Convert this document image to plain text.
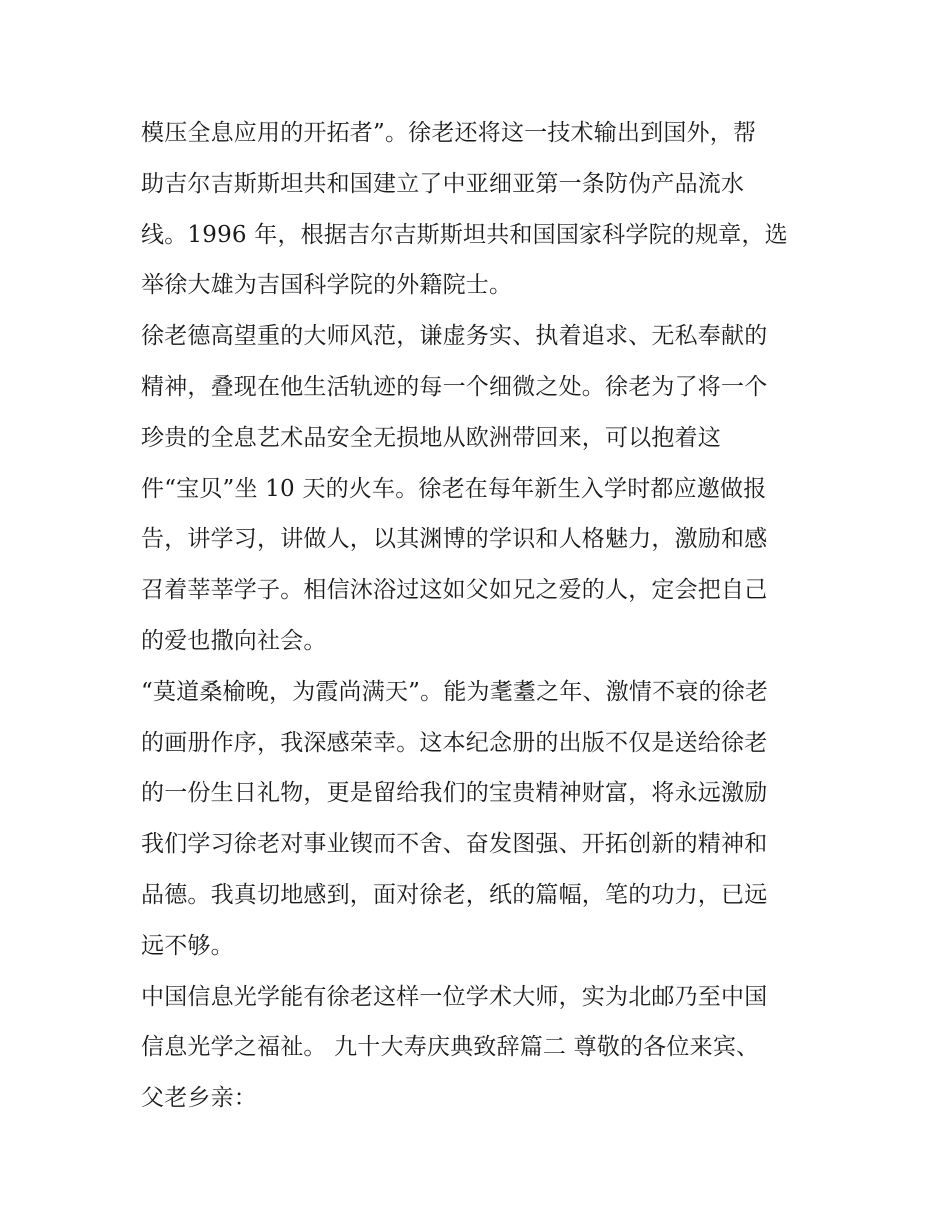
模压全息应用的开拓者”。徐老还将这一技术输出到国外，帮
助吉尔吉斯斯坦共和国建立了中亚细亚第一条防伪产品流水
线。1996 年，根据吉尔吉斯斯坦共和国国家科学院的规章，选
举徐大雄为吉国科学院的外籍院士。
徐老德高望重的大师风范，谦虚务实、执着追求、无私奉献的
精神，叠现在他生活轨迹的每一个细微之处。徐老为了将一个
珍贵的全息艺术品安全无损地从欧洲带回来，可以抱着这
件“宝贝”坐 10 天的火车。徐老在每年新生入学时都应邀做报
告，讲学习，讲做人，以其渊博的学识和人格魅力，激励和感
召着莘莘学子。相信沐浴过这如父如兄之爱的人，定会把自己
的爱也撒向社会。
“莫道桑榆晚，为霞尚满天”。能为耄耋之年、激情不衰的徐老
的画册作序，我深感荣幸。这本纪念册的出版不仅是送给徐老
的一份生日礼物，更是留给我们的宝贵精神财富，将永远激励
我们学习徐老对事业锲而不舍、奋发图强、开拓创新的精神和
品德。我真切地感到，面对徐老，纸的篇幅，笔的功力，已远
远不够。
中国信息光学能有徐老这样一位学术大师，实为北邮乃至中国
信息光学之福祉。 九十大寿庆典致辞篇二 尊敬的各位来宾、
父老乡亲：
